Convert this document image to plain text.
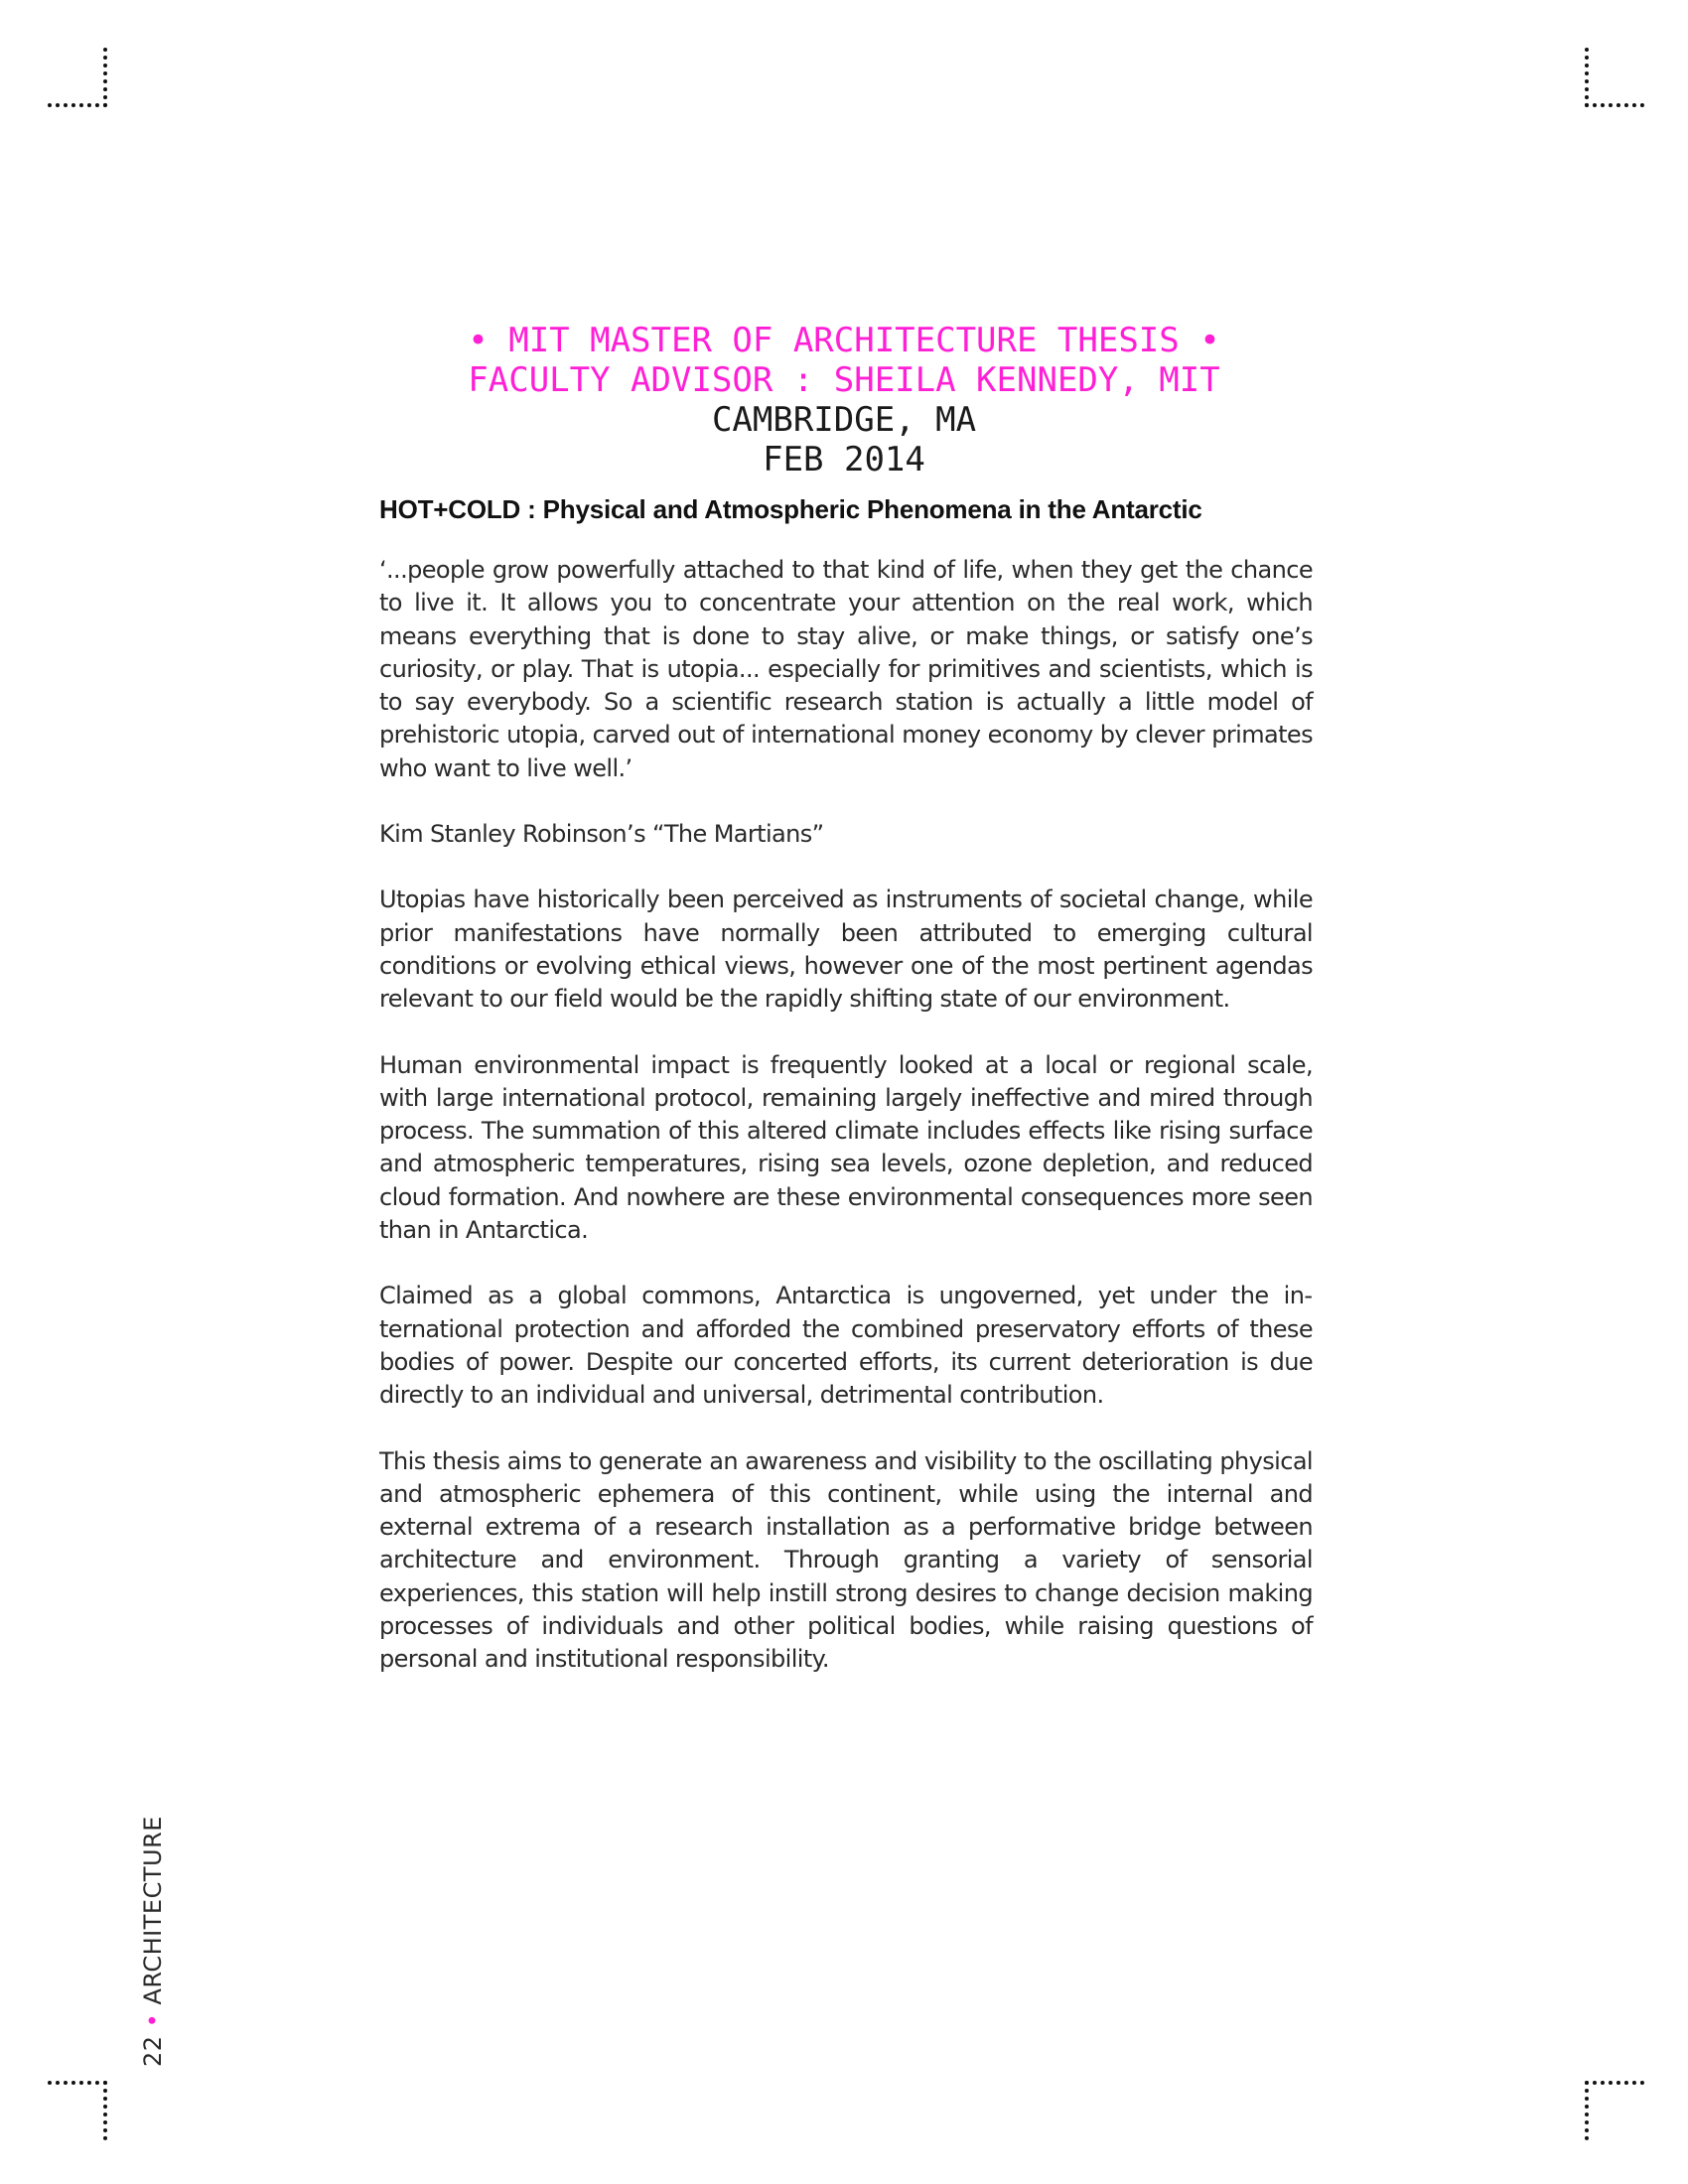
• MIT MASTER OF ARCHITECTURE THESIS •
FACULTY ADVISOR : SHEILA KENNEDY, MIT
CAMBRIDGE, MA
FEB 2014
HOT+COLD : Physical and Atmospheric Phenomena in the Antarctic

‘...people grow powerfully attached to that kind of life, when they get the chance to live it. It allows you to concentrate your attention on the real work, which means everything that is done to stay alive, or make things, or satisfy one’s curiosity, or play. That is utopia... especially for primitives and scientists, which is to say everybody. So a scientific research station is actually a little model of prehistoric utopia, carved out of international money economy by clever primates who want to live well.’

Kim Stanley Robinson’s “The Martians”

Utopias have historically been perceived as instruments of societal change, while prior manifestations have normally been attributed to emerging cultural conditions or evolving ethical views, however one of the most pertinent agendas relevant to our field would be the rapidly shifting state of our environment.

Human environmental impact is frequently looked at a local or regional scale, with large international protocol, remaining largely ineffective and mired through process. The summation of this altered climate includes effects like rising surface and atmospheric temperatures, rising sea levels, ozone depletion, and reduced cloud formation. And nowhere are these environmental consequences more seen than in Antarctica.

Claimed as a global commons, Antarctica is ungoverned, yet under the international protection and afforded the combined preservatory efforts of these bodies of power. Despite our concerted efforts, its current deterioration is due directly to an individual and universal, detrimental contribution.

This thesis aims to generate an awareness and visibility to the oscillating physical and atmospheric ephemera of this continent, while using the internal and external extrema of a research installation as a performative bridge between architecture and environment. Through granting a variety of sensorial experiences, this station will help instill strong desires to change decision making processes of individuals and other political bodies, while raising questions of personal and institutional responsibility.

22 • ARCHITECTURE
